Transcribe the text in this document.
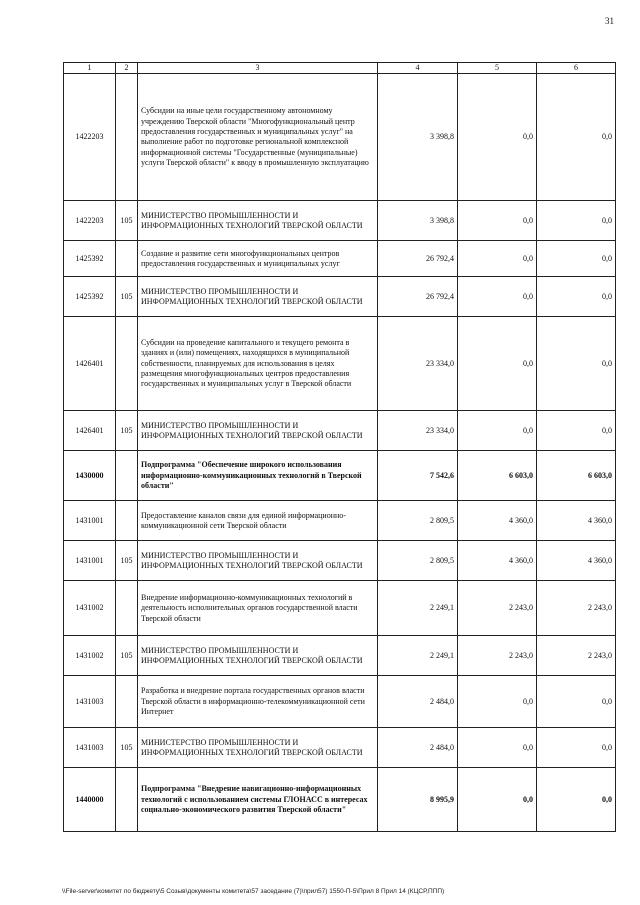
31
1	2	3	4	5	6
1422203		Субсидии на иные цели государственному автономному учреждению Тверской области "Многофункциональный центр предоставления государственных и муниципальных услуг" на выполнение работ по подготовке региональной комплексной информационной системы "Государственные (муниципальные) услуги Тверской области" к вводу в промышленную эксплуатацию	3 398,8	0,0	0,0
1422203	105	МИНИСТЕРСТВО ПРОМЫШЛЕННОСТИ И ИНФОРМАЦИОННЫХ ТЕХНОЛОГИЙ ТВЕРСКОЙ ОБЛАСТИ	3 398,8	0,0	0,0
1425392		Создание и развитие сети многофункциональных центров предоставления государственных и муниципальных услуг	26 792,4	0,0	0,0
1425392	105	МИНИСТЕРСТВО ПРОМЫШЛЕННОСТИ И ИНФОРМАЦИОННЫХ ТЕХНОЛОГИЙ ТВЕРСКОЙ ОБЛАСТИ	26 792,4	0,0	0,0
1426401		Субсидии на проведение капитального и текущего ремонта в зданиях и (или) помещениях, находящихся в муниципальной собственности, планируемых для использования в целях размещения многофункциональных центров предоставления государственных и муниципальных услуг в Тверской области	23 334,0	0,0	0,0
1426401	105	МИНИСТЕРСТВО ПРОМЫШЛЕННОСТИ И ИНФОРМАЦИОННЫХ ТЕХНОЛОГИЙ ТВЕРСКОЙ ОБЛАСТИ	23 334,0	0,0	0,0
1430000		Подпрограмма "Обеспечение широкого использования информационно-коммуникационных технологий в Тверской области"	7 542,6	6 603,0	6 603,0
1431001		Предоставление каналов связи для единой информационно-коммуникационной сети Тверской области	2 809,5	4 360,0	4 360,0
1431001	105	МИНИСТЕРСТВО ПРОМЫШЛЕННОСТИ И ИНФОРМАЦИОННЫХ ТЕХНОЛОГИЙ ТВЕРСКОЙ ОБЛАСТИ	2 809,5	4 360,0	4 360,0
1431002		Внедрение информационно-коммуникационных технологий в деятельность исполнительных органов государственной власти Тверской области	2 249,1	2 243,0	2 243,0
1431002	105	МИНИСТЕРСТВО ПРОМЫШЛЕННОСТИ И ИНФОРМАЦИОННЫХ ТЕХНОЛОГИЙ ТВЕРСКОЙ ОБЛАСТИ	2 249,1	2 243,0	2 243,0
1431003		Разработка и внедрение портала государственных органов власти Тверской области в информационно-телекоммуникационной сети Интернет	2 484,0	0,0	0,0
1431003	105	МИНИСТЕРСТВО ПРОМЫШЛЕННОСТИ И ИНФОРМАЦИОННЫХ ТЕХНОЛОГИЙ ТВЕРСКОЙ ОБЛАСТИ	2 484,0	0,0	0,0
1440000		Подпрограмма "Внедрение навигационно-информационных технологий с использованием системы ГЛОНАСС в интересах социально-экономического развития Тверской области"	8 995,9	0,0	0,0
\\File-server\комитет по бюджету\5 Созыв\документы комитета\57 заседание (7)\прил57) 1550-П-5\Прил 8 Прил 14 (КЦСР,ППП)
